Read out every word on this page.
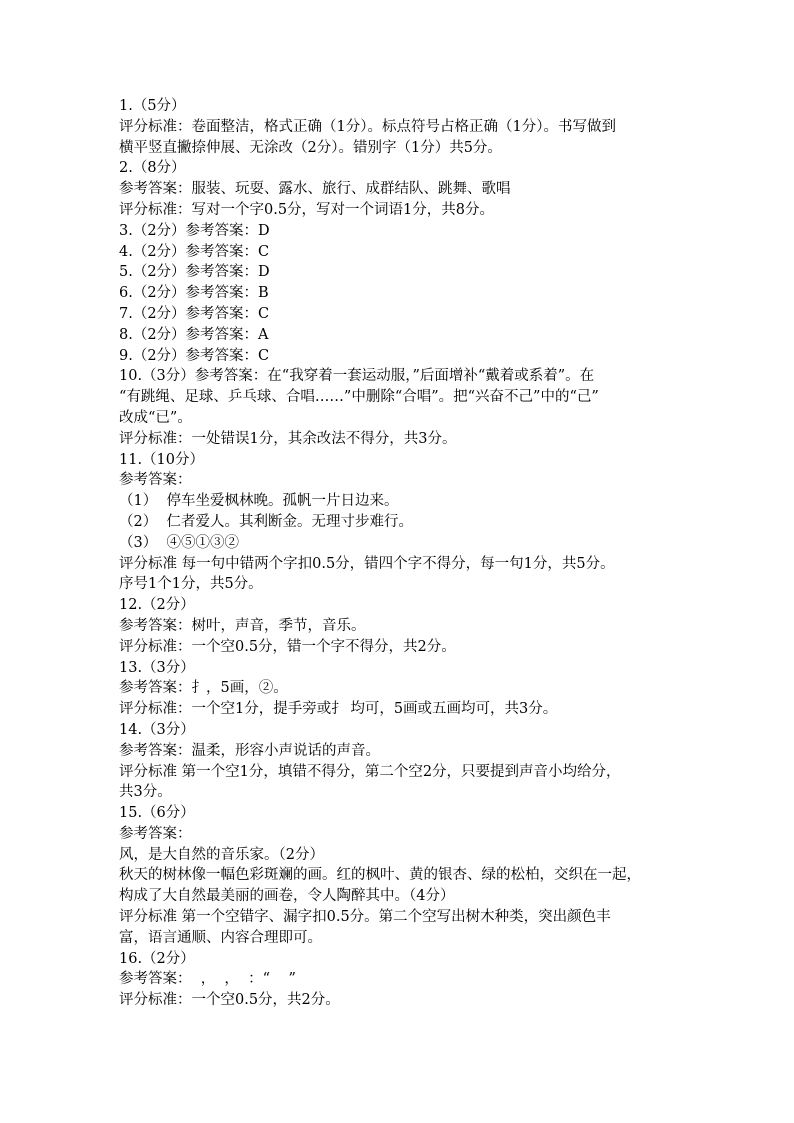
1.（5分）
评分标准：卷面整洁，格式正确（1分）。标点符号占格正确（1分）。书写做到
横平竖直撇捺伸展、无涂改（2分）。错别字（1分）共5分。
2.（8分）
参考答案：服装、玩耍、露水、旅行、成群结队、跳舞、歌唱
评分标准：写对一个字0.5分，写对一个词语1分，共8分。
3.（2分）参考答案：D
4.（2分）参考答案：C
5.（2分）参考答案：D
6.（2分）参考答案：B
7.（2分）参考答案：C
8.（2分）参考答案：A
9.（2分）参考答案：C
10.（3分）参考答案：在“我穿着一套运动服，”后面增补“戴着或系着”。在
“有跳绳、足球、乒乓球、合唱……”中删除“合唱”。把“兴奋不己”中的“己”
改成“已”。
评分标准：一处错误1分，其余改法不得分，共3分。
11.（10分）
参考答案：
（1）  停车坐爱枫林晚。孤帆一片日边来。
（2）  仁者爱人。其利断金。无理寸步难行。
（3）  ④⑤①③②
评分标准 每一句中错两个字扣0.5分，错四个字不得分，每一句1分，共5分。
序号1个1分，共5分。
12.（2分）
参考答案：树叶，声音，季节，音乐。
评分标准：一个空0.5分，错一个字不得分，共2分。
13.（3分）
参考答案：扌，5画，②。
评分标准：一个空1分，提手旁或扌 均可，5画或五画均可，共3分。
14.（3分）
参考答案：温柔，形容小声说话的声音。
评分标准 第一个空1分，填错不得分，第二个空2分，只要提到声音小均给分，
共3分。
15.（6分）
参考答案：
风，是大自然的音乐家。（2分）
秋天的树林像一幅色彩斑斓的画。红的枫叶、黄的银杏、绿的松柏，交织在一起，
构成了大自然最美丽的画卷，令人陶醉其中。（4分）
评分标准 第一个空错字、漏字扣0.5分。第二个空写出树木种类，突出颜色丰
富，语言通顺、内容合理即可。
16.（2分）
参考答案：  ，  ，  ：“    ”
评分标准：一个空0.5分，共2分。
